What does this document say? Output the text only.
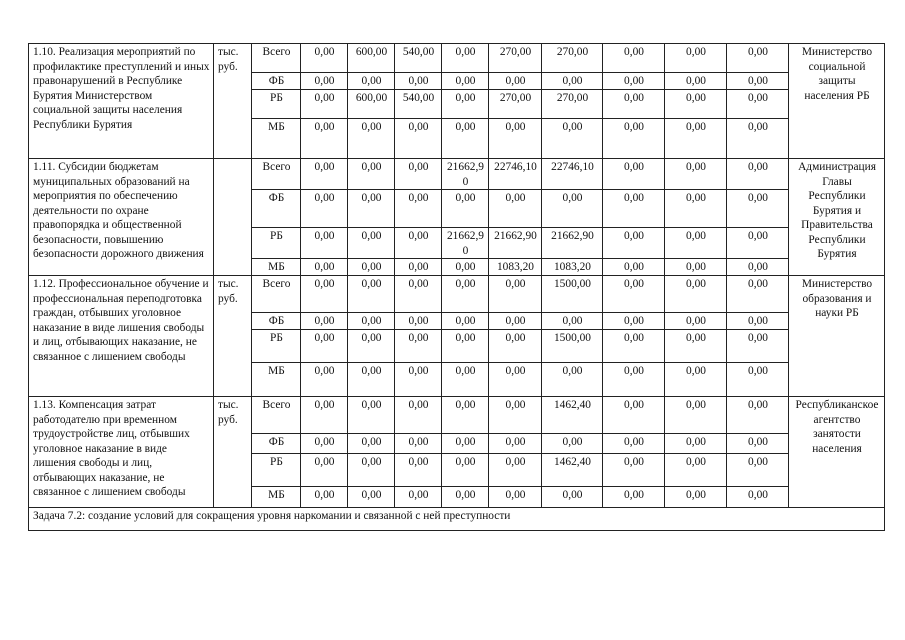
1.10. Реализация мероприятий по профилактике преступлений и иных правонарушений в Республике Бурятия Министерством социальной защиты населения Республики Бурятия	тыс. руб.	Всего	0,00	600,00	540,00	0,00	270,00	270,00	0,00	0,00	0,00	Министерство социальной защиты населения РБ
		ФБ	0,00	0,00	0,00	0,00	0,00	0,00	0,00	0,00	0,00	
		РБ	0,00	600,00	540,00	0,00	270,00	270,00	0,00	0,00	0,00	
		МБ	0,00	0,00	0,00	0,00	0,00	0,00	0,00	0,00	0,00	
1.11. Субсидии бюджетам муниципальных образований на мероприятия по обеспечению деятельности по охране правопорядка и общественной безопасности, повышению безопасности дорожного движения		Всего	0,00	0,00	0,00	21662,90	22746,10	22746,10	0,00	0,00	0,00	Администрация Главы Республики Бурятия и Правительства Республики Бурятия
		ФБ	0,00	0,00	0,00	0,00	0,00	0,00	0,00	0,00	0,00	
		РБ	0,00	0,00	0,00	21662,90	21662,90	21662,90	0,00	0,00	0,00	
		МБ	0,00	0,00	0,00	0,00	1083,20	1083,20	0,00	0,00	0,00	
1.12. Профессиональное обучение и профессиональная переподготовка граждан, отбывших уголовное наказание в виде лишения свободы и лиц, отбывающих наказание, не связанное с лишением свободы	тыс. руб.	Всего	0,00	0,00	0,00	0,00	0,00	1500,00	0,00	0,00	0,00	Министерство образования и науки РБ
		ФБ	0,00	0,00	0,00	0,00	0,00	0,00	0,00	0,00	0,00	
		РБ	0,00	0,00	0,00	0,00	0,00	1500,00	0,00	0,00	0,00	
		МБ	0,00	0,00	0,00	0,00	0,00	0,00	0,00	0,00	0,00	
1.13. Компенсация затрат работодателю при временном трудоустройстве лиц, отбывших уголовное наказание в виде лишения свободы и лиц, отбывающих наказание, не связанное с лишением свободы	тыс. руб.	Всего	0,00	0,00	0,00	0,00	0,00	1462,40	0,00	0,00	0,00	Республиканское агентство занятости населения
		ФБ	0,00	0,00	0,00	0,00	0,00	0,00	0,00	0,00	0,00	
		РБ	0,00	0,00	0,00	0,00	0,00	1462,40	0,00	0,00	0,00	
		МБ	0,00	0,00	0,00	0,00	0,00	0,00	0,00	0,00	0,00	
Задача 7.2: создание условий для сокращения уровня наркомании и связанной с ней преступности												
